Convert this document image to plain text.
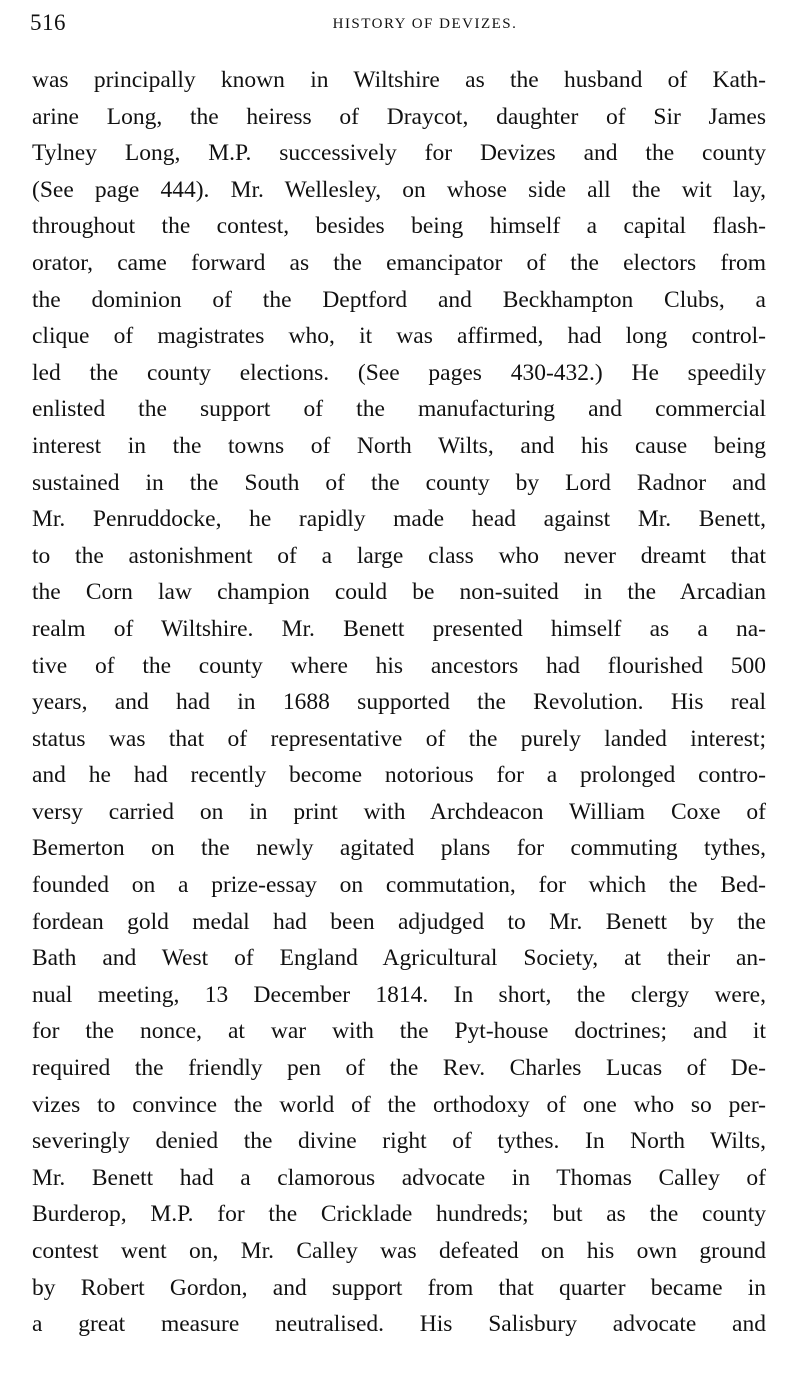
516	HISTORY OF DEVIZES.
was principally known in Wiltshire as the husband of Kath-
arine Long, the heiress of Draycot, daughter of Sir James
Tylney Long, M.P. successively for Devizes and the county
(See page 444). Mr. Wellesley, on whose side all the wit lay,
throughout the contest, besides being himself a capital flash-
orator, came forward as the emancipator of the electors from
the dominion of the Deptford and Beckhampton Clubs, a
clique of magistrates who, it was affirmed, had long control-
led the county elections. (See pages 430-432.) He speedily
enlisted the support of the manufacturing and commercial
interest in the towns of North Wilts, and his cause being
sustained in the South of the county by Lord Radnor and
Mr. Penruddocke, he rapidly made head against Mr. Benett,
to the astonishment of a large class who never dreamt that
the Corn law champion could be non-suited in the Arcadian
realm of Wiltshire. Mr. Benett presented himself as a na-
tive of the county where his ancestors had flourished 500
years, and had in 1688 supported the Revolution. His real
status was that of representative of the purely landed interest;
and he had recently become notorious for a prolonged contro-
versy carried on in print with Archdeacon William Coxe of
Bemerton on the newly agitated plans for commuting tythes,
founded on a prize-essay on commutation, for which the Bed-
fordean gold medal had been adjudged to Mr. Benett by the
Bath and West of England Agricultural Society, at their an-
nual meeting, 13 December 1814. In short, the clergy were,
for the nonce, at war with the Pyt-house doctrines; and it
required the friendly pen of the Rev. Charles Lucas of De-
vizes to convince the world of the orthodoxy of one who so per-
severingly denied the divine right of tythes. In North Wilts,
Mr. Benett had a clamorous advocate in Thomas Calley of
Burderop, M.P. for the Cricklade hundreds; but as the county
contest went on, Mr. Calley was defeated on his own ground
by Robert Gordon, and support from that quarter became in
a great measure neutralised. His Salisbury advocate and
